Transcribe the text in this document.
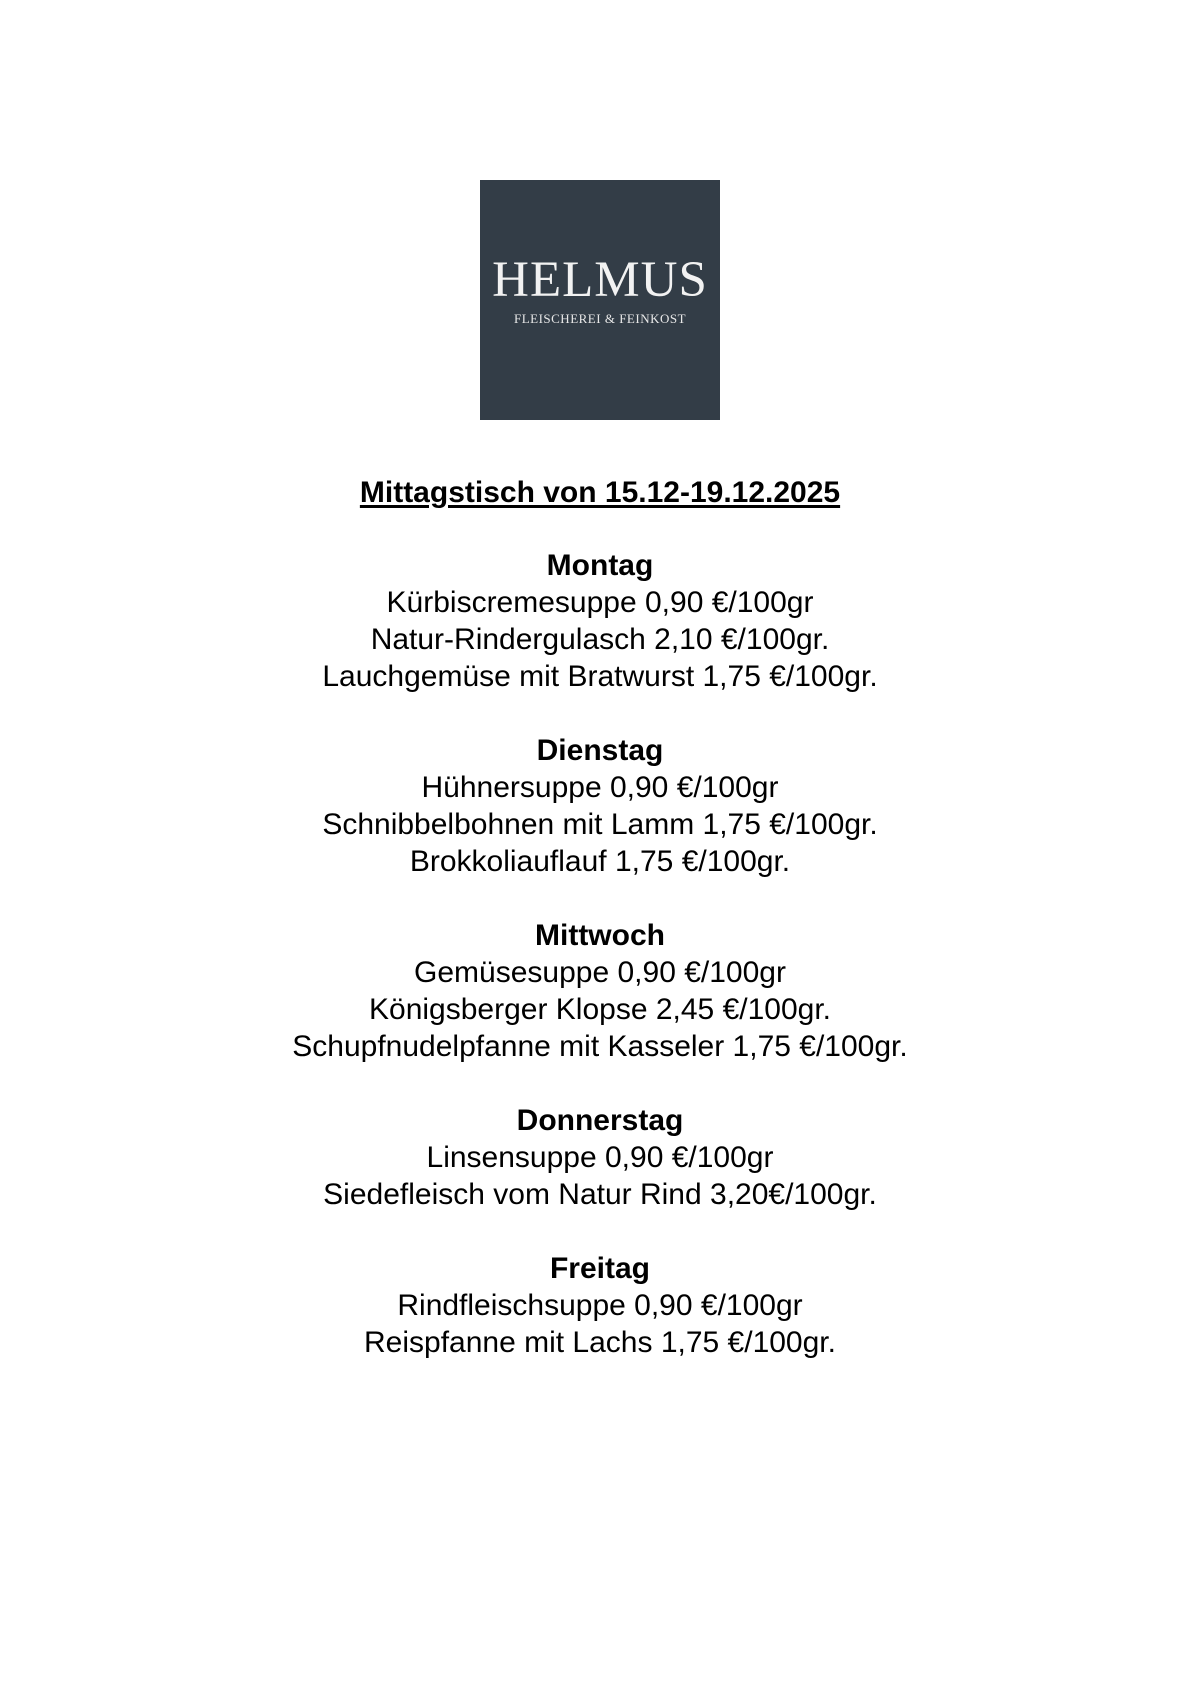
HELMUS
FLEISCHEREI & FEINKOST
Mittagstisch von 15.12-19.12.2025
Montag
Kürbiscremesuppe 0,90 €/100gr
Natur-Rindergulasch 2,10 €/100gr.
Lauchgemüse mit Bratwurst 1,75 €/100gr.
Dienstag
Hühnersuppe 0,90 €/100gr
Schnibbelbohnen mit Lamm 1,75 €/100gr.
Brokkoliauflauf 1,75 €/100gr.
Mittwoch
Gemüsesuppe 0,90 €/100gr
Königsberger Klopse 2,45 €/100gr.
Schupfnudelpfanne mit Kasseler 1,75 €/100gr.
Donnerstag
Linsensuppe 0,90 €/100gr
Siedefleisch vom Natur Rind 3,20€/100gr.
Freitag
Rindfleischsuppe 0,90 €/100gr
Reispfanne mit Lachs 1,75 €/100gr.
